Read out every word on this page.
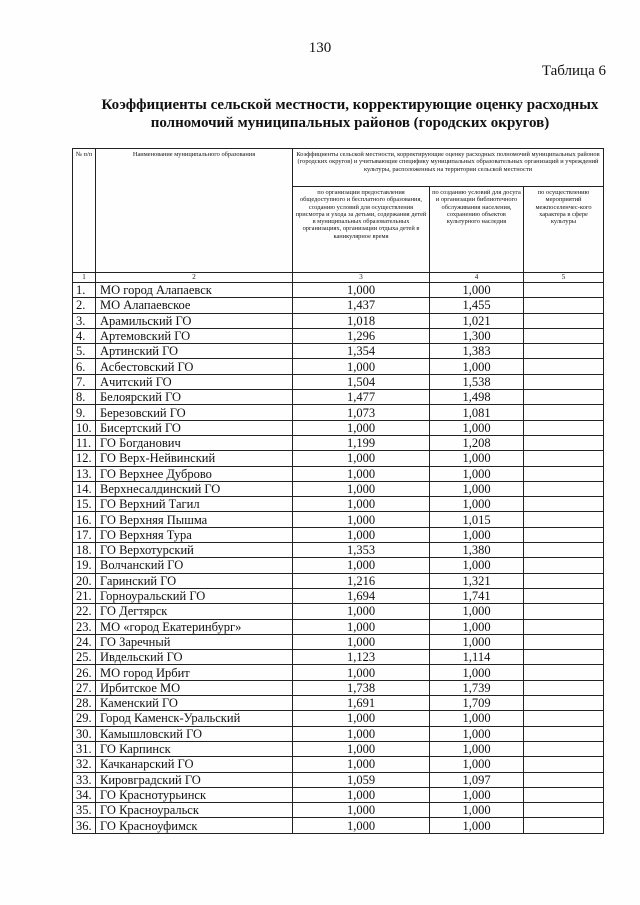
130
Таблица 6
Коэффициенты сельской местности, корректирующие оценку расходных полномочий муниципальных районов (городских округов)
№ п/п	Наименование муниципального образования	Коэффициенты сельской местности, корректирующие оценку расходных полномочий муниципальных районов (городских округов) и учитывающие специфику муниципальных образовательных организаций и учреждений культуры, расположенных на территории сельской местности		
		по организации предоставления общедоступного и бесплатного образования, созданию условий для осуществления присмотра и ухода за детьми, содержания детей в муниципальных образовательных организациях, организации отдыха детей в каникулярное время	по созданию условий для досуга и организации библиотечного обслуживания населения, сохранению объектов культурного наследия	по осуществлению мероприятий межпоселенчес-кого характера в сфере культуры
1	2	3	4	5
1.	МО город Алапаевск	1,000	1,000	
2.	МО Алапаевское	1,437	1,455	
3.	Арамильский ГО	1,018	1,021	
4.	Артемовский ГО	1,296	1,300	
5.	Артинский ГО	1,354	1,383	
6.	Асбестовский ГО	1,000	1,000	
7.	Ачитский ГО	1,504	1,538	
8.	Белоярский ГО	1,477	1,498	
9.	Березовский ГО	1,073	1,081	
10.	Бисертский ГО	1,000	1,000	
11.	ГО Богданович	1,199	1,208	
12.	ГО Верх-Нейвинский	1,000	1,000	
13.	ГО Верхнее Дуброво	1,000	1,000	
14.	Верхнесалдинский ГО	1,000	1,000	
15.	ГО Верхний Тагил	1,000	1,000	
16.	ГО Верхняя Пышма	1,000	1,015	
17.	ГО Верхняя Тура	1,000	1,000	
18.	ГО Верхотурский	1,353	1,380	
19.	Волчанский ГО	1,000	1,000	
20.	Гаринский ГО	1,216	1,321	
21.	Горноуральский ГО	1,694	1,741	
22.	ГО Дегтярск	1,000	1,000	
23.	МО «город Екатеринбург»	1,000	1,000	
24.	ГО Заречный	1,000	1,000	
25.	Ивдельский ГО	1,123	1,114	
26.	МО город Ирбит	1,000	1,000	
27.	Ирбитское МО	1,738	1,739	
28.	Каменский ГО	1,691	1,709	
29.	Город Каменск-Уральский	1,000	1,000	
30.	Камышловский ГО	1,000	1,000	
31.	ГО Карпинск	1,000	1,000	
32.	Качканарский ГО	1,000	1,000	
33.	Кировградский ГО	1,059	1,097	
34.	ГО Краснотурьинск	1,000	1,000	
35.	ГО Красноуральск	1,000	1,000	
36.	ГО Красноуфимск	1,000	1,000	
